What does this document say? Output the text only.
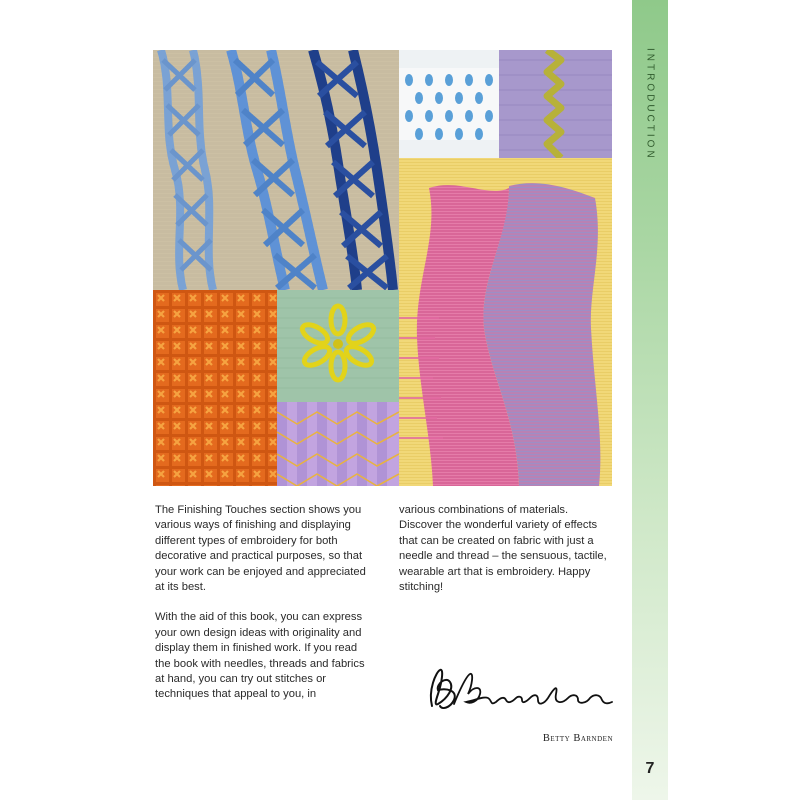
The Finishing Touches section shows you various ways of finishing and displaying different types of embroidery for both decorative and practical purposes, so that your work can be enjoyed and appreciated at its best.

With the aid of this book, you can express your own design ideas with originality and display them in finished work. If you read the book with needles, threads and fabrics at hand, you can try out stitches or techniques that appeal to you, in

various combinations of materials. Discover the wonderful variety of effects that can be created on fabric with just a needle and thread – the sensuous, tactile, wearable art that is embroidery. Happy stitching!

Betty Barnden
INTRODUCTION
7
